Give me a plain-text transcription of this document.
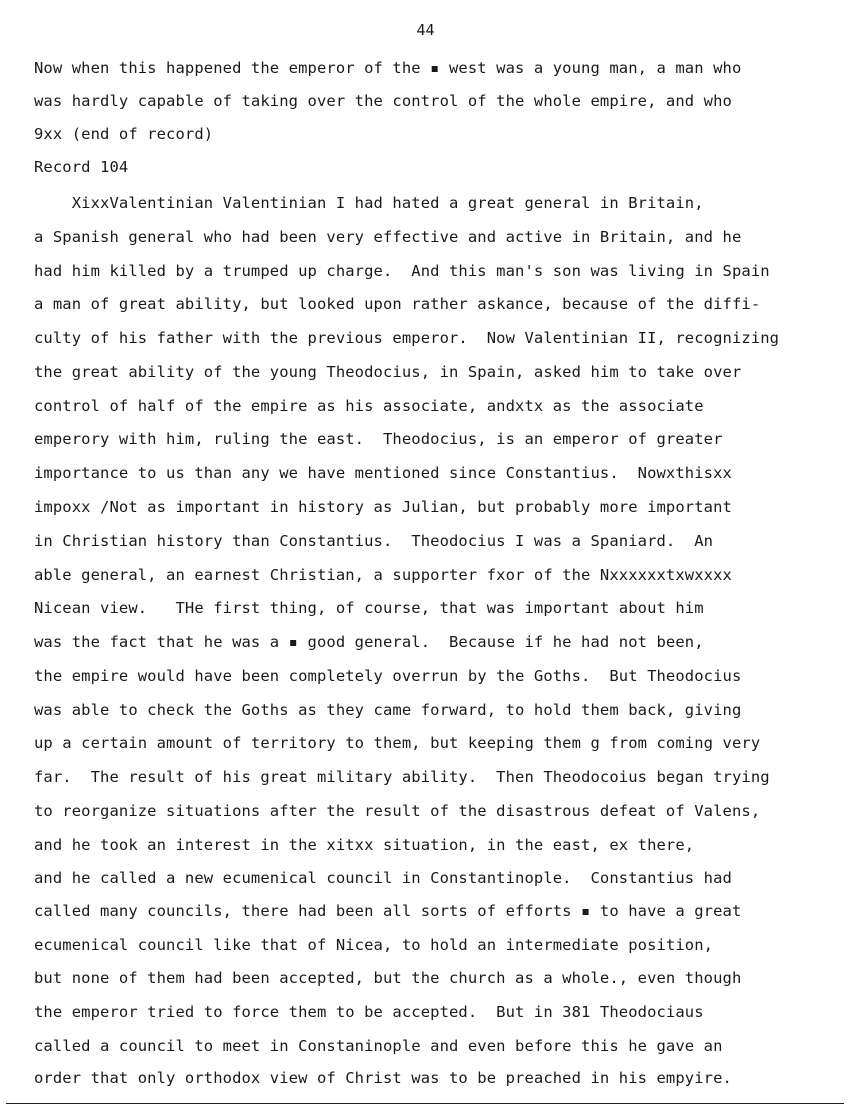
44
Now when this happened the emperor of the ▪ west was a young man, a man who
was hardly capable of taking over the control of the whole empire, and who
9xx (end of record)
Record 104
XixxValentinian Valentinian I had hated a great general in Britain,
a Spanish general who had been very effective and active in Britain, and he
had him killed by a trumped up charge.  And this man's son was living in Spain
a man of great ability, but looked upon rather askance, because of the diffi-
culty of his father with the previous emperor.  Now Valentinian II, recognizing
the great ability of the young Theodocius, in Spain, asked him to take over
control of half of the empire as his associate, andxtx as the associate
emperory with him, ruling the east.  Theodocius, is an emperor of greater
importance to us than any we have mentioned since Constantius.  Nowxthisxx
impoxx /Not as important in history as Julian, but probably more important
in Christian history than Constantius.  Theodocius I was a Spaniard.  An
able general, an earnest Christian, a supporter fxor of the Nxxxxxxtxwxxxx
Nicean view.   THe first thing, of course, that was important about him
was the fact that he was a ▪ good general.  Because if he had not been,
the empire would have been completely overrun by the Goths.  But Theodocius
was able to check the Goths as they came forward, to hold them back, giving
up a certain amount of territory to them, but keeping them g from coming very
far.  The result of his great military ability.  Then Theodocoius began trying
to reorganize situations after the result of the disastrous defeat of Valens,
and he took an interest in the xitxx situation, in the east, ex there,
and he called a new ecumenical council in Constantinople.  Constantius had
called many councils, there had been all sorts of efforts ▪ to have a great
ecumenical council like that of Nicea, to hold an intermediate position,
but none of them had been accepted, but the church as a whole., even though
the emperor tried to force them to be accepted.  But in 381 Theodociaus
called a council to meet in Constaninople and even before this he gave an
order that only orthodox view of Christ was to be preached in his empyire.
